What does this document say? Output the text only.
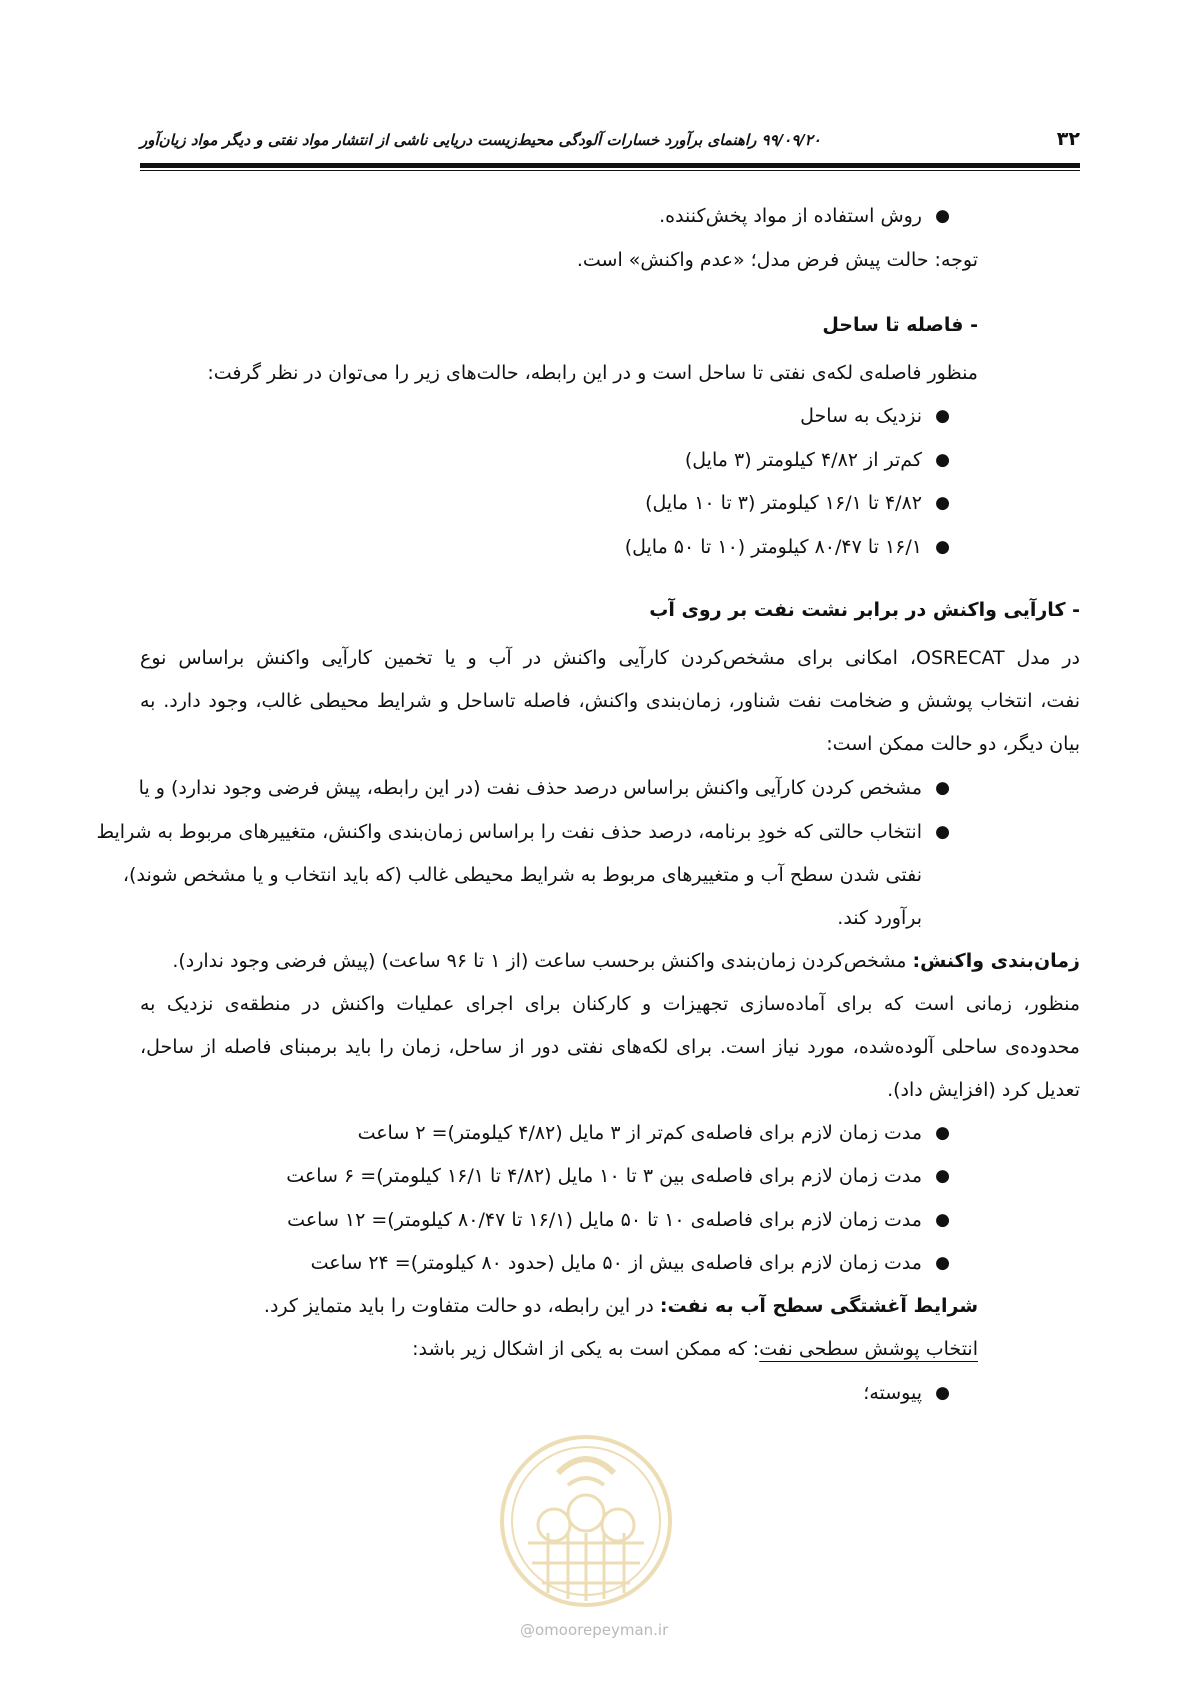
۳۲
۹۹/۰۹/۲۰ راهنمای برآورد خسارات آلودگی محیط‌زیست دریایی ناشی از انتشار مواد نفتی و دیگر مواد زیان‌آور
●
روش استفاده از مواد پخش‌کننده.
توجه: حالت پیش فرض مدل؛ «عدم واکنش» است.
- فاصله تا ساحل
منظور فاصله‌ی لکه‌ی نفتی تا ساحل است و در این رابطه، حالت‌های زیر را می‌توان در نظر گرفت:
●
نزدیک به ساحل
●
کم‌تر از ۴/۸۲ کیلومتر (۳ مایل)
●
۴/۸۲ تا ۱۶/۱ کیلومتر (۳ تا ۱۰ مایل)
●
۱۶/۱ تا ۸۰/۴۷ کیلومتر (۱۰ تا ۵۰ مایل)
- کارآیی واکنش در برابر نشت نفت بر روی آب
در مدل OSRECAT، امکانی برای مشخص‌کردن کارآیی واکنش در آب و یا تخمین کارآیی واکنش براساس نوع
نفت، انتخاب پوشش و ضخامت نفت شناور، زمان‌بندی واکنش، فاصله تاساحل و شرایط محیطی غالب، وجود دارد. به
بیان دیگر، دو حالت ممکن است:
●
مشخص کردن کارآیی واکنش براساس درصد حذف نفت (در این رابطه، پیش فرضی وجود ندارد) و یا
●
انتخاب حالتی که خودِ برنامه، درصد حذف نفت را براساس زمان‌بندی واکنش، متغییرهای مربوط به شرایط
نفتی شدن سطح آب و متغییرهای مربوط به شرایط محیطی غالب (که باید انتخاب و یا مشخص شوند)،
برآورد کند.
زمان‌بندی واکنش: مشخص‌کردن زمان‌بندی واکنش برحسب ساعت (از ۱ تا ۹۶ ساعت) (پیش فرضی وجود ندارد).
منظور، زمانی است که برای آماده‌سازی تجهیزات و کارکنان برای اجرای عملیات واکنش در منطقه‌ی نزدیک به
محدوده‌ی ساحلی آلوده‌شده، مورد نیاز است. برای لکه‌های نفتی دور از ساحل، زمان را باید برمبنای فاصله از ساحل،
تعدیل کرد (افزایش داد).
●
مدت زمان لازم برای فاصله‌ی کم‌تر از ۳ مایل (۴/۸۲ کیلومتر)= ۲ ساعت
●
مدت زمان لازم برای فاصله‌ی بین ۳ تا ۱۰ مایل (۴/۸۲ تا ۱۶/۱ کیلومتر)= ۶ ساعت
●
مدت زمان لازم برای فاصله‌ی ۱۰ تا ۵۰ مایل (۱۶/۱ تا ۸۰/۴۷ کیلومتر)= ۱۲ ساعت
●
مدت زمان لازم برای فاصله‌ی بیش از ۵۰ مایل (حدود ۸۰ کیلومتر)= ۲۴ ساعت
شرایط آغشتگی سطح آب به نفت: در این رابطه، دو حالت متفاوت را باید متمایز کرد.
انتخاب پوشش سطحی نفت: که ممکن است به یکی از اشکال زیر باشد:
●
پیوسته؛
@omoorepeyman.ir
